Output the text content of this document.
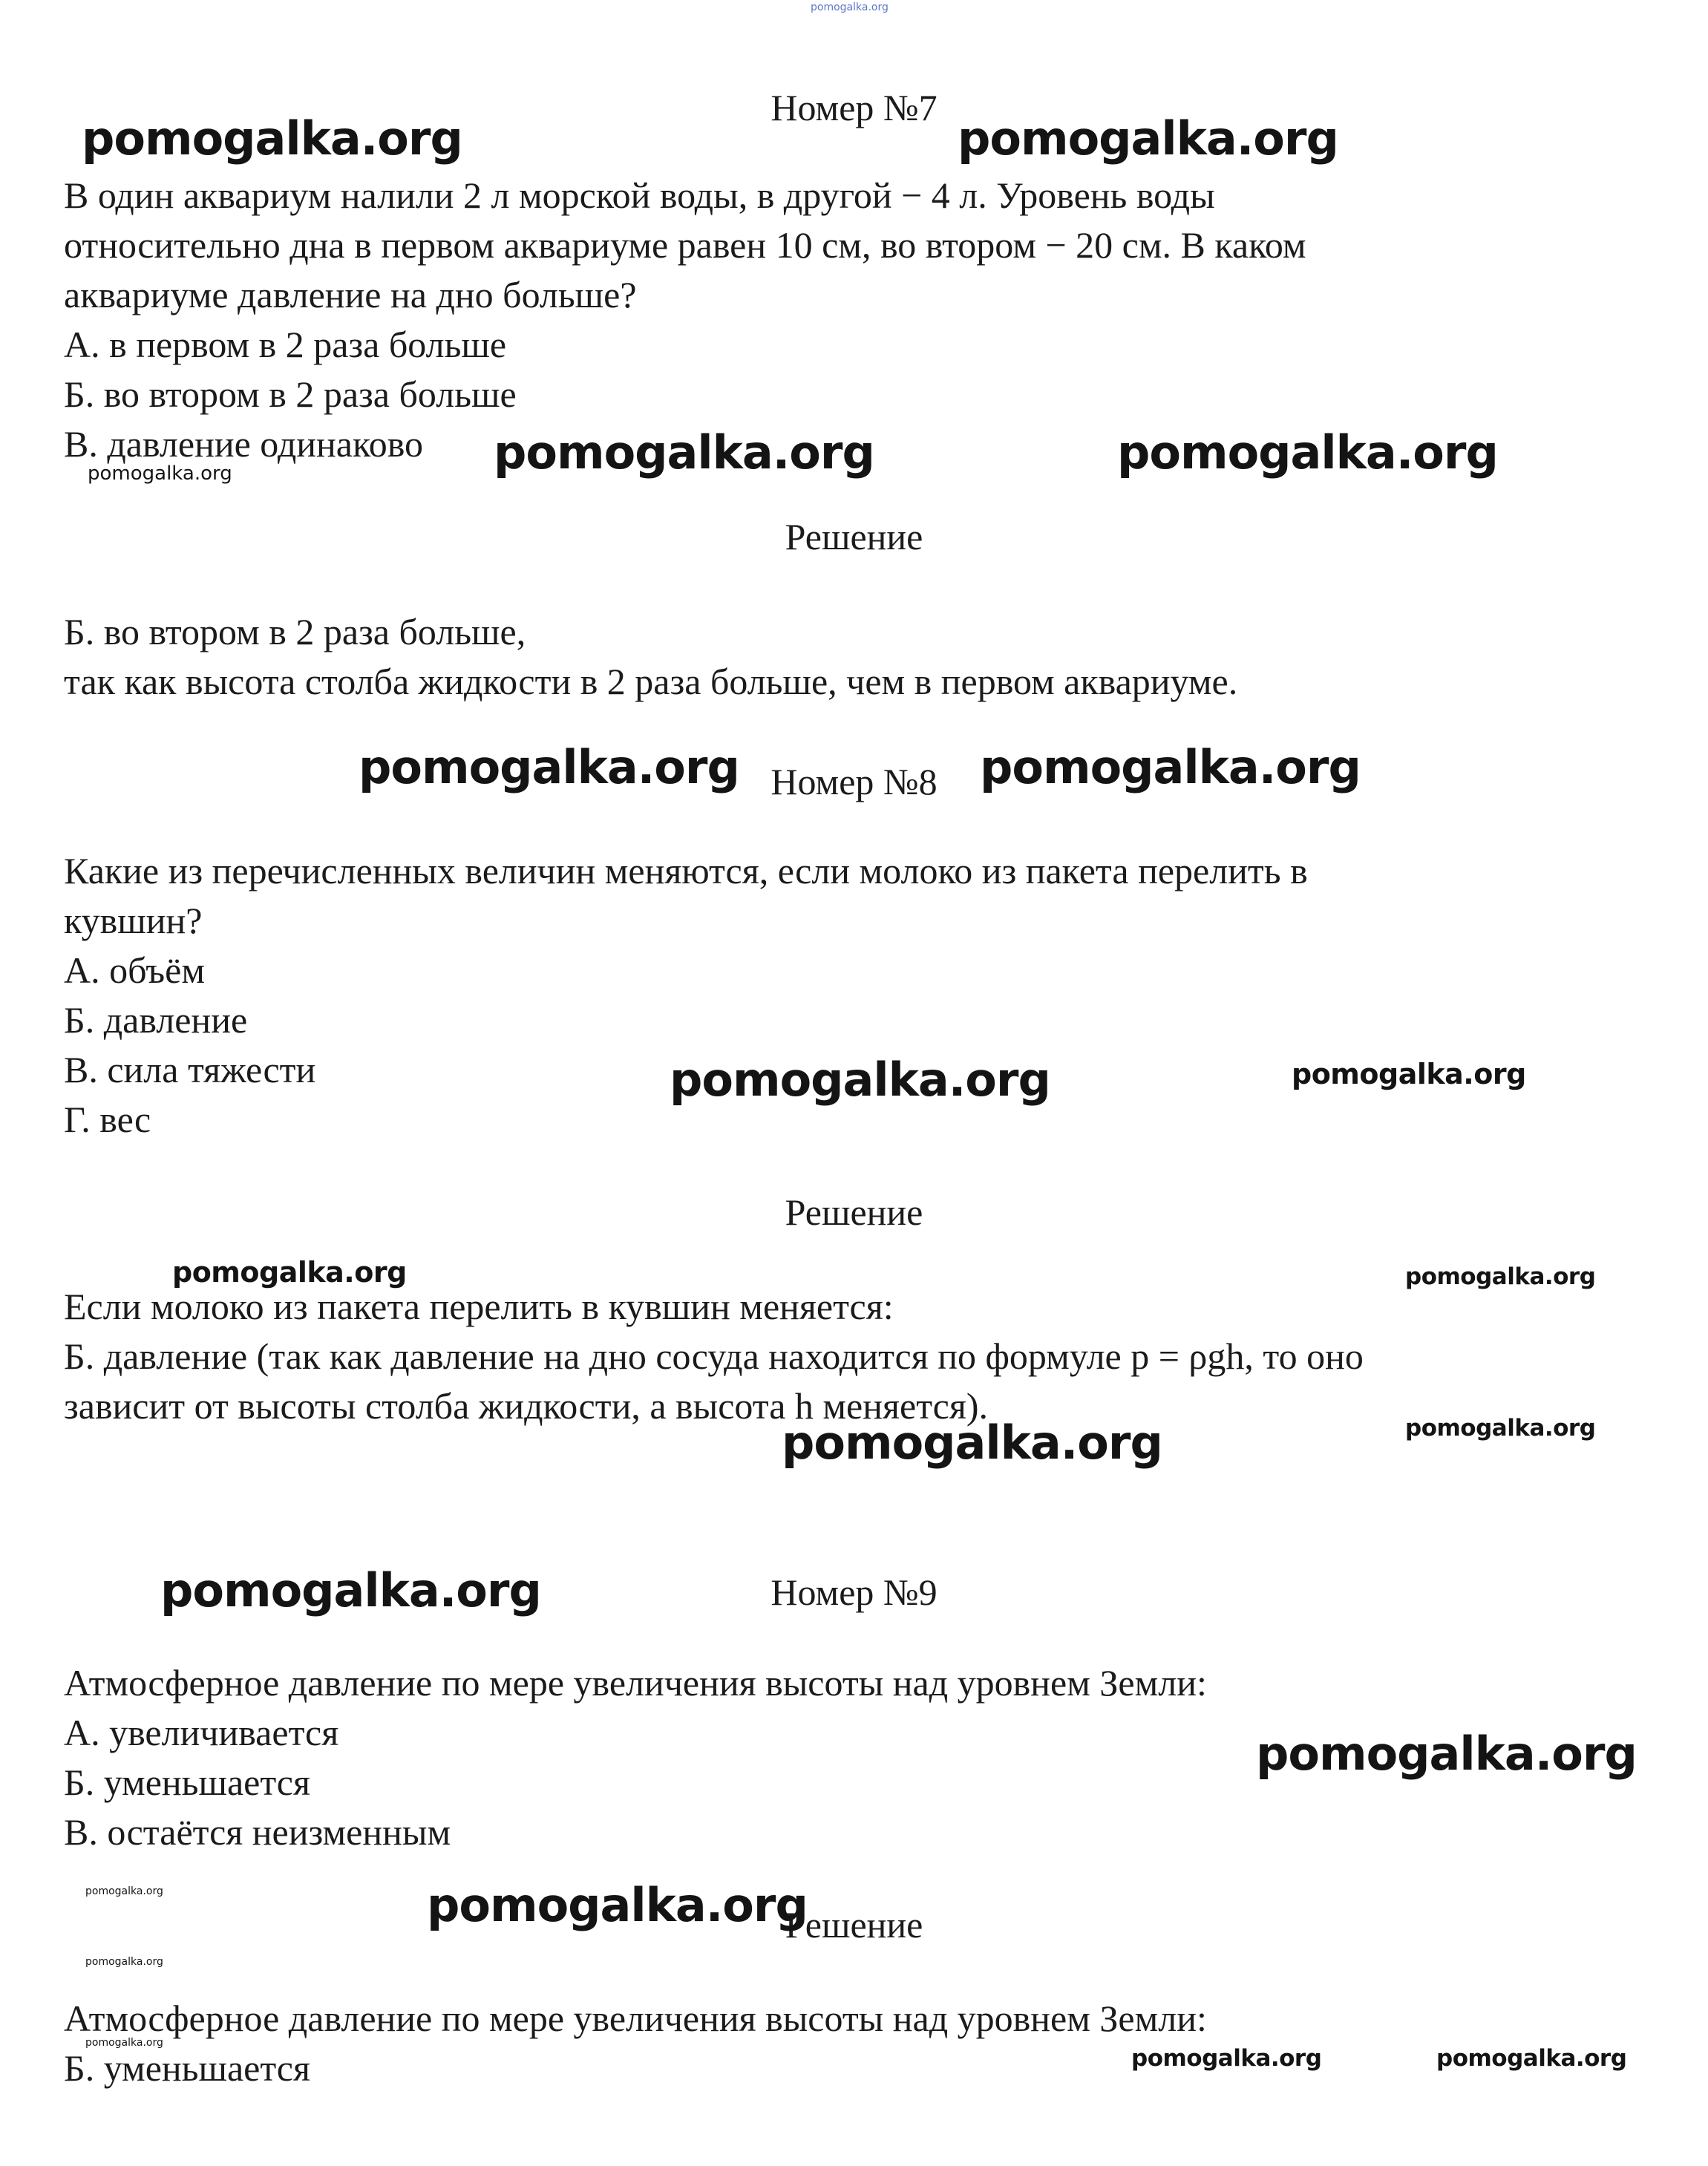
pomogalka.org
Номер №7
В один аквариум налили 2 л морской воды, в другой − 4 л. Уровень воды
относительно дна в первом аквариуме равен 10 см, во втором − 20 см. В каком
аквариуме давление на дно больше?
А. в первом в 2 раза больше
Б. во втором в 2 раза больше
В. давление одинаково
Решение
Б. во втором в 2 раза больше,
так как высота столба жидкости в 2 раза больше, чем в первом аквариуме.
Номер №8
Какие из перечисленных величин меняются, если молоко из пакета перелить в
кувшин?
А. объём
Б. давление
В. сила тяжести
Г. вес
Решение
Если молоко из пакета перелить в кувшин меняется:
Б. давление (так как давление на дно сосуда находится по формуле p = ρgh, то оно
зависит от высоты столба жидкости, а высота h меняется).
Номер №9
Атмосферное давление по мере увеличения высоты над уровнем Земли:
А. увеличивается
Б. уменьшается
В. остаётся неизменным
Решение
Атмосферное давление по мере увеличения высоты над уровнем Земли:
Б. уменьшается
pomogalka.org	pomogalka.org
pomogalka.org	pomogalka.org
pomogalka.org
pomogalka.org	pomogalka.org
pomogalka.org	pomogalka.org
pomogalka.org	pomogalka.org
pomogalka.org	pomogalka.org
pomogalka.org
pomogalka.org
pomogalka.org	pomogalka.org
pomogalka.org
pomogalka.org
pomogalka.org	pomogalka.org
